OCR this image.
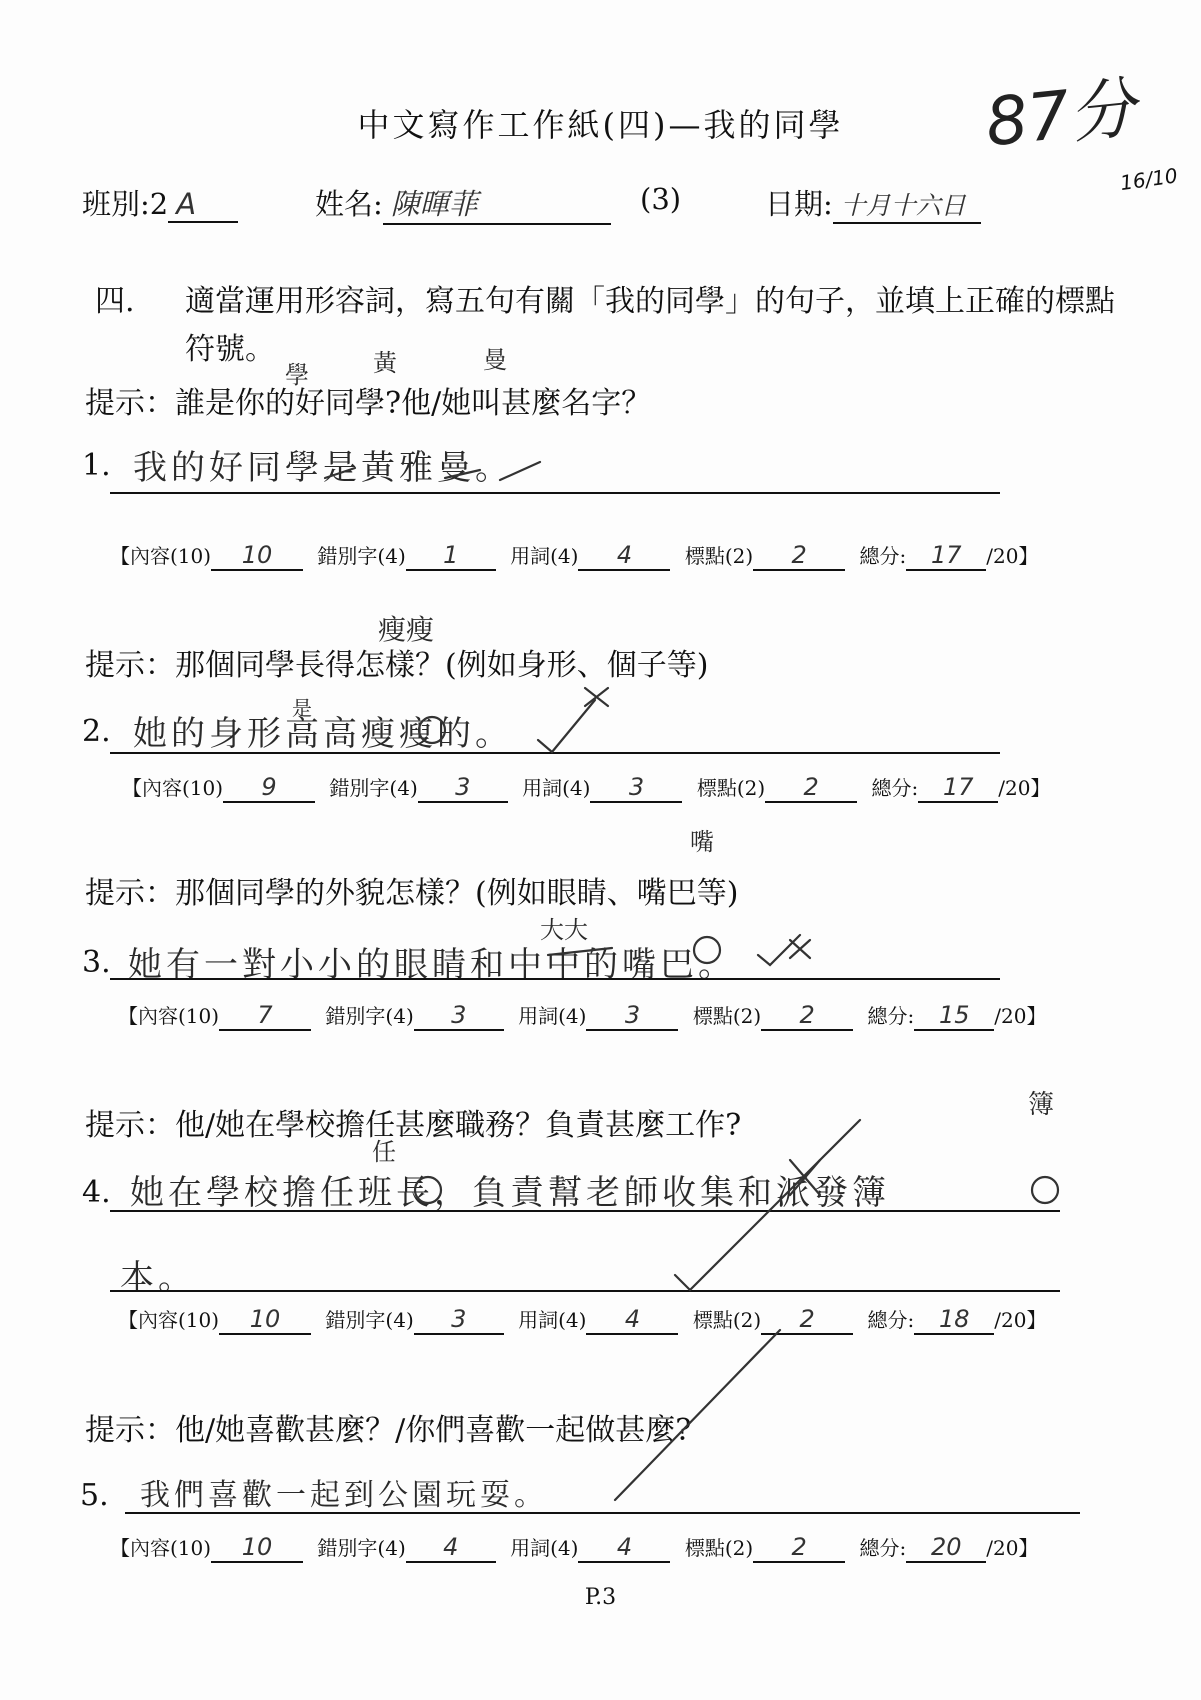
中文寫作工作紙(四)—我的同學	87分
16/10
班別:2 A	姓名: 陳暉菲	(3)	日期: 十月十六日
四. 適當運用形容詞，寫五句有關「我的同學」的句子，並填上正確的標點符號。
提示：誰是你的好同學?他/她叫甚麼名字？
學	黃	曼
1. 我的好同學是黃雅曼。
【內容(10) 10 錯別字(4) 1	用詞(4) 4	標點(2) 2	總分: 17 /20】
提示：那個同學長得怎樣？(例如身形、個子等)
瘦瘦
是
2. 她的身形高高瘦瘦的。
【內容(10) 9	錯別字(4) 3	用詞(4) 3	標點(2) 2	總分: 17 /20】
提示：那個同學的外貌怎樣？(例如眼睛、嘴巴等)
嘴
大大
3. 她有一對小小的眼睛和中中的嘴巴。
【內容(10) 7	錯別字(4) 3	用詞(4) 3	標點(2) 2	總分: 15 /20】
提示：他/她在學校擔任甚麼職務？負責甚麼工作?
任
簿
4. 她在學校擔任班長，負責幫老師收集和派發簿
本。
【內容(10) 10 錯別字(4) 3	用詞(4) 4	標點(2) 2	總分: 18 /20】
提示：他/她喜歡甚麼？/你們喜歡一起做甚麼?
5. 我們喜歡一起到公園玩耍。
【內容(10) 10 錯別字(4) 4	用詞(4) 4	標點(2) 2	總分: 20 /20】
P.3
